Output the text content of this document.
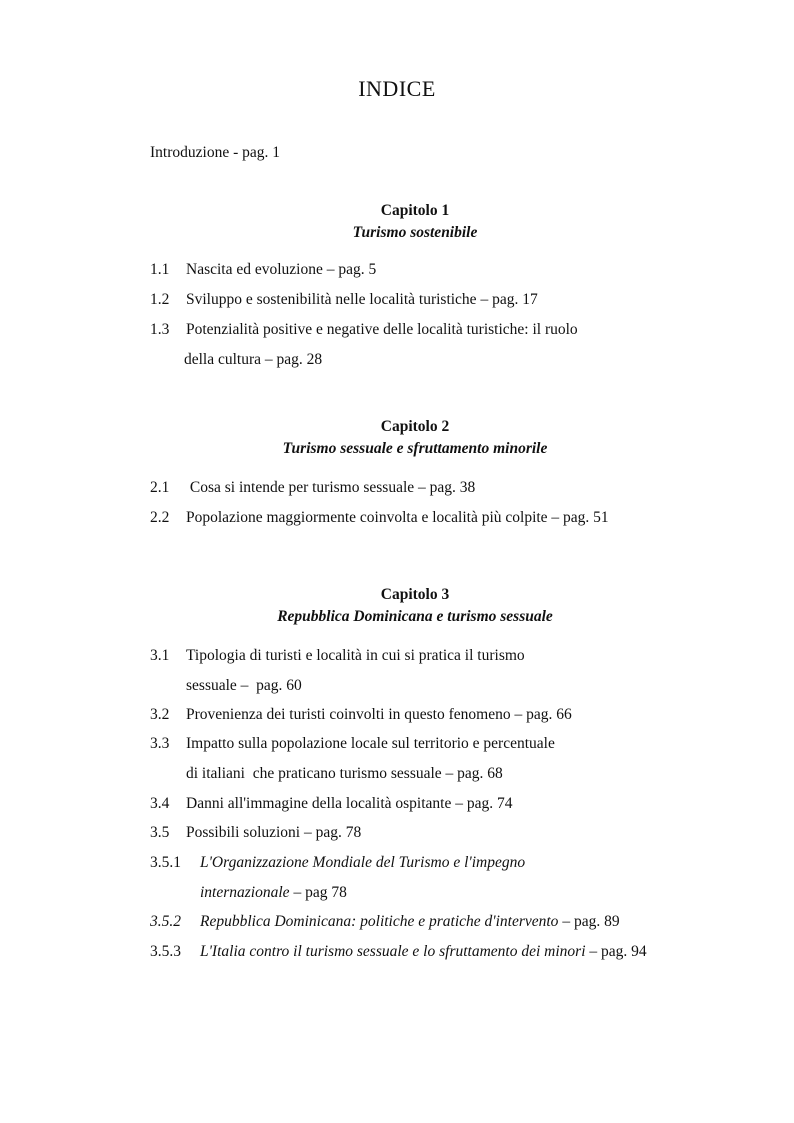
INDICE
Introduzione - pag. 1
Capitolo 1
Turismo sostenibile
1.1 Nascita ed evoluzione – pag. 5
1.2 Sviluppo e sostenibilità nelle località turistiche – pag. 17
1.3 Potenzialità positive e negative delle località turistiche: il ruolo
della cultura – pag. 28
Capitolo 2
Turismo sessuale e sfruttamento minorile
2.1 Cosa si intende per turismo sessuale – pag. 38
2.2 Popolazione maggiormente coinvolta e località più colpite – pag. 51
Capitolo 3
Repubblica Dominicana e turismo sessuale
3.1 Tipologia di turisti e località in cui si pratica il turismo
sessuale –  pag. 60
3.2 Provenienza dei turisti coinvolti in questo fenomeno – pag. 66
3.3 Impatto sulla popolazione locale sul territorio e percentuale
di italiani  che praticano turismo sessuale – pag. 68
3.4 Danni all'immagine della località ospitante – pag. 74
3.5 Possibili soluzioni – pag. 78
3.5.1 L'Organizzazione Mondiale del Turismo e l'impegno
internazionale – pag 78
3.5.2 Repubblica Dominicana: politiche e pratiche d'intervento – pag. 89
3.5.3 L'Italia contro il turismo sessuale e lo sfruttamento dei minori – pag. 94
